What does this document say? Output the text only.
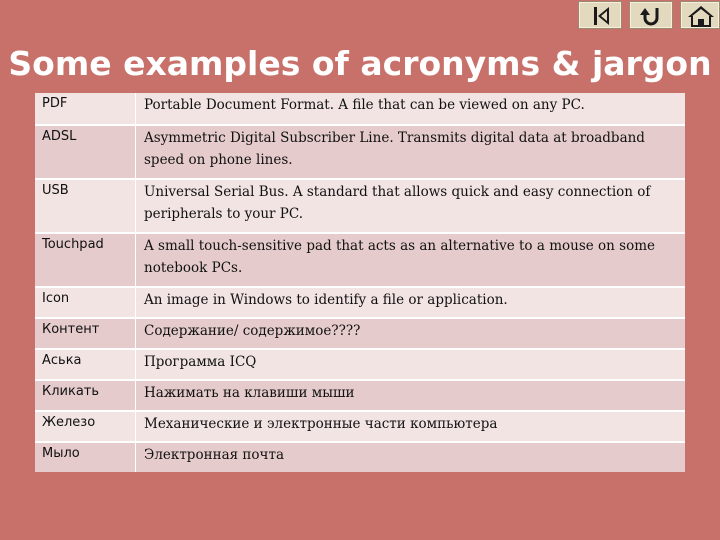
Some examples of acronyms & jargon
PDF	Portable Document Format. A file that can be viewed on any PC.
ADSL	Asymmetric Digital Subscriber Line. Transmits digital data at broadband speed on phone lines.
USB	Universal Serial Bus. A standard that allows quick and easy connection of peripherals to your PC.
Touchpad	A small touch-sensitive pad that acts as an alternative to a mouse on some notebook PCs.
Icon	An image in Windows to identify a file or application.
Контент	Содержание/ содержимое????
Аська	Программа ICQ
Кликать	Нажимать на клавиши мыши
Железо	Механические и электронные части компьютера
Мыло	Электронная почта
